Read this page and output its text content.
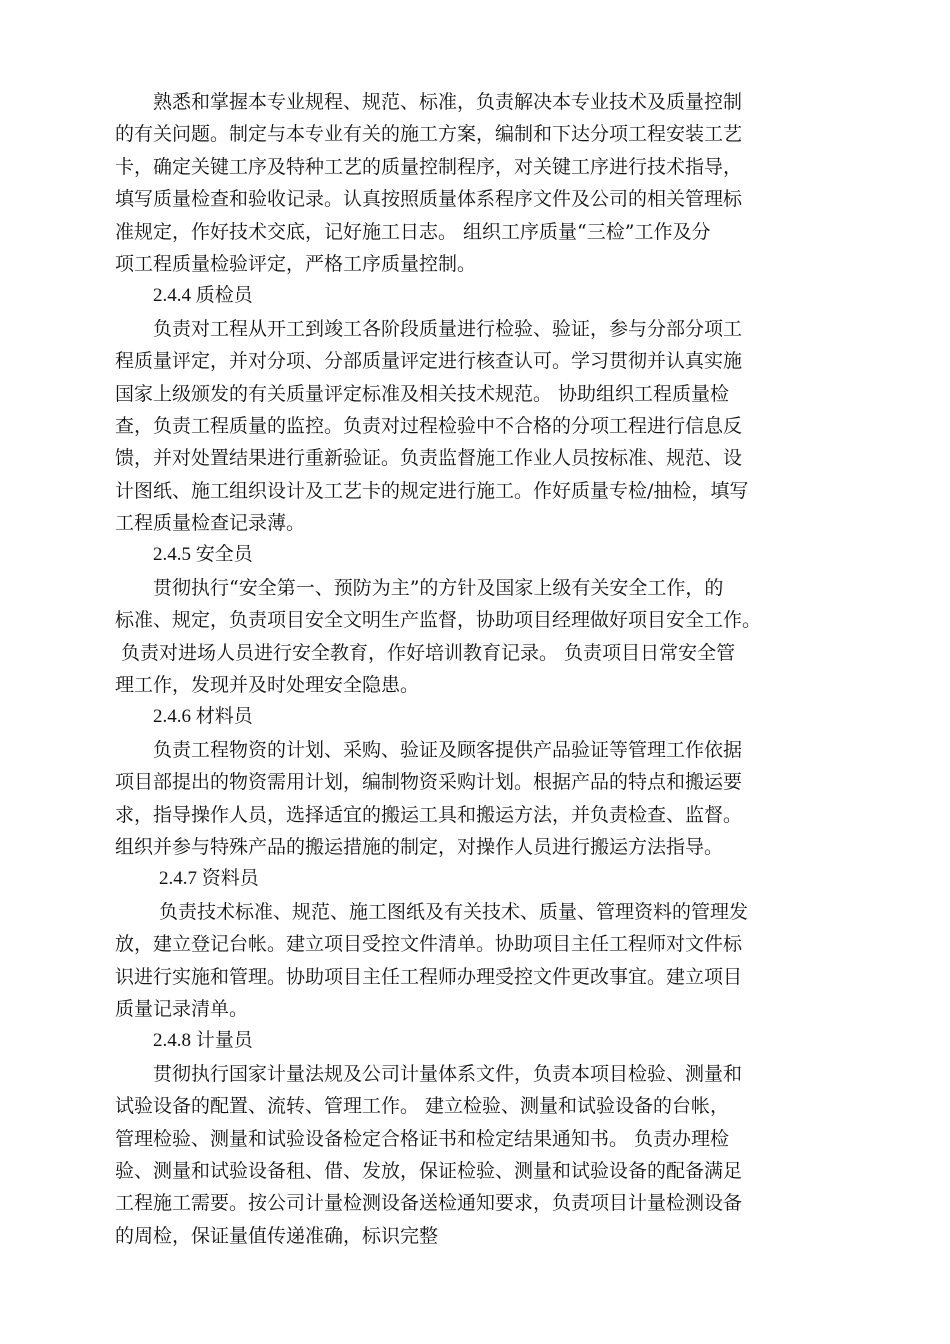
熟悉和掌握本专业规程、规范、标准，负责解决本专业技术及质量控制
的有关问题。制定与本专业有关的施工方案，编制和下达分项工程安装工艺
卡，确定关键工序及特种工艺的质量控制程序，对关键工序进行技术指导，
填写质量检查和验收记录。认真按照质量体系程序文件及公司的相关管理标
准规定，作好技术交底，记好施工日志。 组织工序质量“三检”工作及分
项工程质量检验评定，严格工序质量控制。
2.4.4 质检员
负责对工程从开工到竣工各阶段质量进行检验、验证，参与分部分项工
程质量评定，并对分项、分部质量评定进行核查认可。学习贯彻并认真实施
国家上级颁发的有关质量评定标准及相关技术规范。 协助组织工程质量检
查，负责工程质量的监控。负责对过程检验中不合格的分项工程进行信息反
馈，并对处置结果进行重新验证。负责监督施工作业人员按标准、规范、设
计图纸、施工组织设计及工艺卡的规定进行施工。作好质量专检/抽检，填写
工程质量检查记录薄。
2.4.5 安全员
贯彻执行“安全第一、预防为主”的方针及国家上级有关安全工作，的
标准、规定，负责项目安全文明生产监督，协助项目经理做好项目安全工作。
负责对进场人员进行安全教育，作好培训教育记录。 负责项目日常安全管
理工作，发现并及时处理安全隐患。
2.4.6 材料员
负责工程物资的计划、采购、验证及顾客提供产品验证等管理工作依据
项目部提出的物资需用计划，编制物资采购计划。根据产品的特点和搬运要
求，指导操作人员，选择适宜的搬运工具和搬运方法，并负责检查、监督。
组织并参与特殊产品的搬运措施的制定，对操作人员进行搬运方法指导。
2.4.7 资料员
负责技术标准、规范、施工图纸及有关技术、质量、管理资料的管理发
放，建立登记台帐。建立项目受控文件清单。协助项目主任工程师对文件标
识进行实施和管理。协助项目主任工程师办理受控文件更改事宜。建立项目
质量记录清单。
2.4.8 计量员
贯彻执行国家计量法规及公司计量体系文件，负责本项目检验、测量和
试验设备的配置、流转、管理工作。 建立检验、测量和试验设备的台帐，
管理检验、测量和试验设备检定合格证书和检定结果通知书。 负责办理检
验、测量和试验设备租、借、发放，保证检验、测量和试验设备的配备满足
工程施工需要。按公司计量检测设备送检通知要求，负责项目计量检测设备
的周检，保证量值传递准确，标识完整
